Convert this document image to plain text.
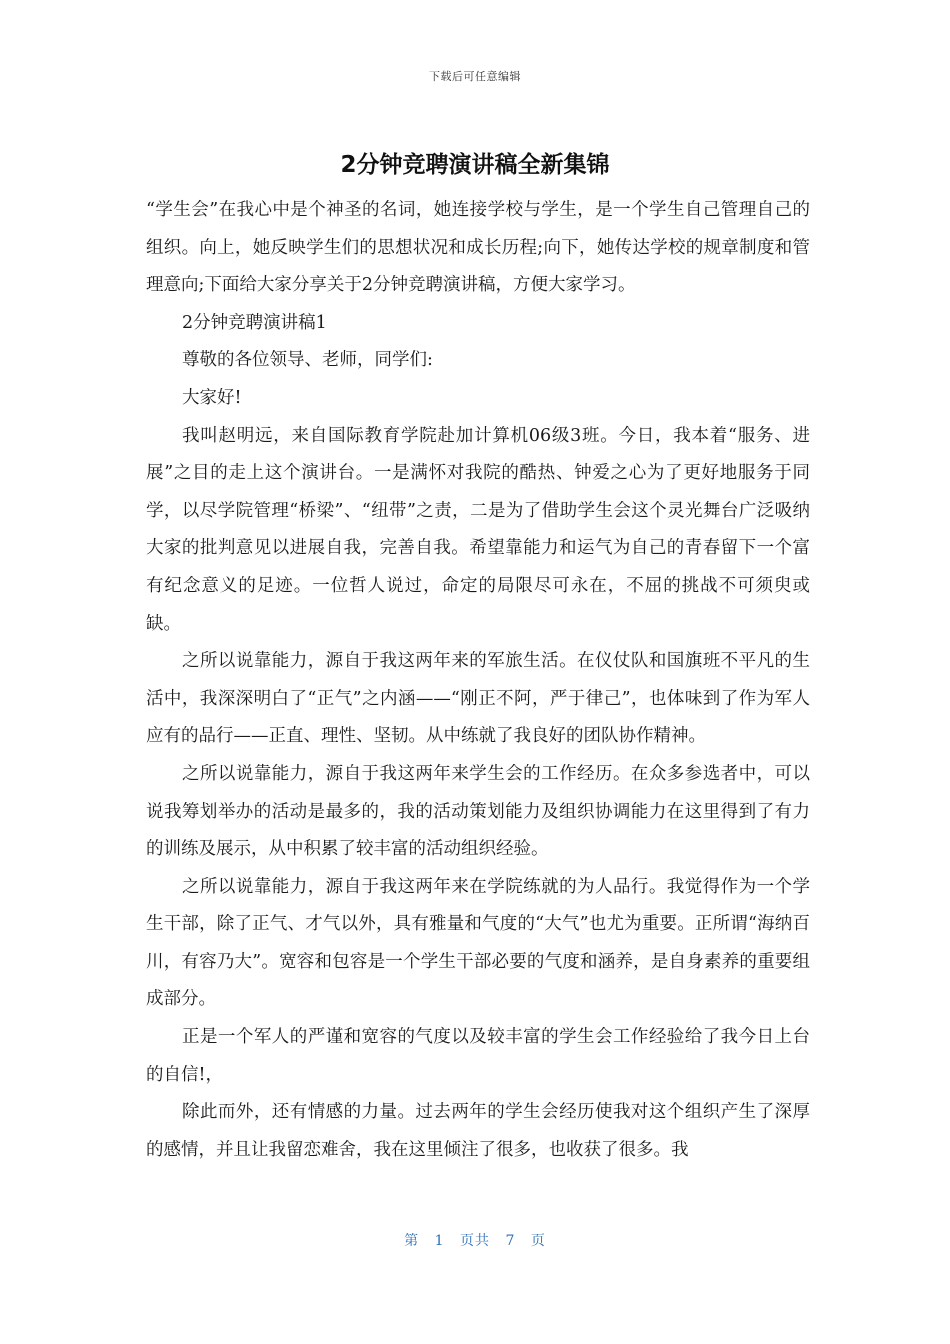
下载后可任意编辑
2分钟竞聘演讲稿全新集锦

“学生会”在我心中是个神圣的名词，她连接学校与学生，是一个学生自己管理自己的组织。向上，她反映学生们的思想状况和成长历程;向下，她传达学校的规章制度和管理意向;下面给大家分享关于2分钟竞聘演讲稿，方便大家学习。

2分钟竞聘演讲稿1

尊敬的各位领导、老师，同学们:

大家好!

我叫赵明远，来自国际教育学院赴加计算机06级3班。今日，我本着“服务、进展”之目的走上这个演讲台。一是满怀对我院的酷热、钟爱之心为了更好地服务于同学，以尽学院管理“桥梁”、“纽带”之责，二是为了借助学生会这个灵光舞台广泛吸纳大家的批判意见以进展自我，完善自我。希望靠能力和运气为自己的青春留下一个富有纪念意义的足迹。一位哲人说过，命定的局限尽可永在，不屈的挑战不可须臾或缺。

之所以说靠能力，源自于我这两年来的军旅生活。在仪仗队和国旗班不平凡的生活中，我深深明白了“正气”之内涵——“刚正不阿，严于律己”，也体味到了作为军人应有的品行——正直、理性、坚韧。从中练就了我良好的团队协作精神。

之所以说靠能力，源自于我这两年来学生会的工作经历。在众多参选者中，可以说我筹划举办的活动是最多的，我的活动策划能力及组织协调能力在这里得到了有力的训练及展示，从中积累了较丰富的活动组织经验。

之所以说靠能力，源自于我这两年来在学院练就的为人品行。我觉得作为一个学生干部，除了正气、才气以外，具有雅量和气度的“大气”也尤为重要。正所谓“海纳百川，有容乃大”。宽容和包容是一个学生干部必要的气度和涵养，是自身素养的重要组成部分。

正是一个军人的严谨和宽容的气度以及较丰富的学生会工作经验给了我今日上台的自信!，

除此而外，还有情感的力量。过去两年的学生会经历使我对这个组织产生了深厚的感情，并且让我留恋难舍，我在这里倾注了很多，也收获了很多。我

第 1 页共 7 页
